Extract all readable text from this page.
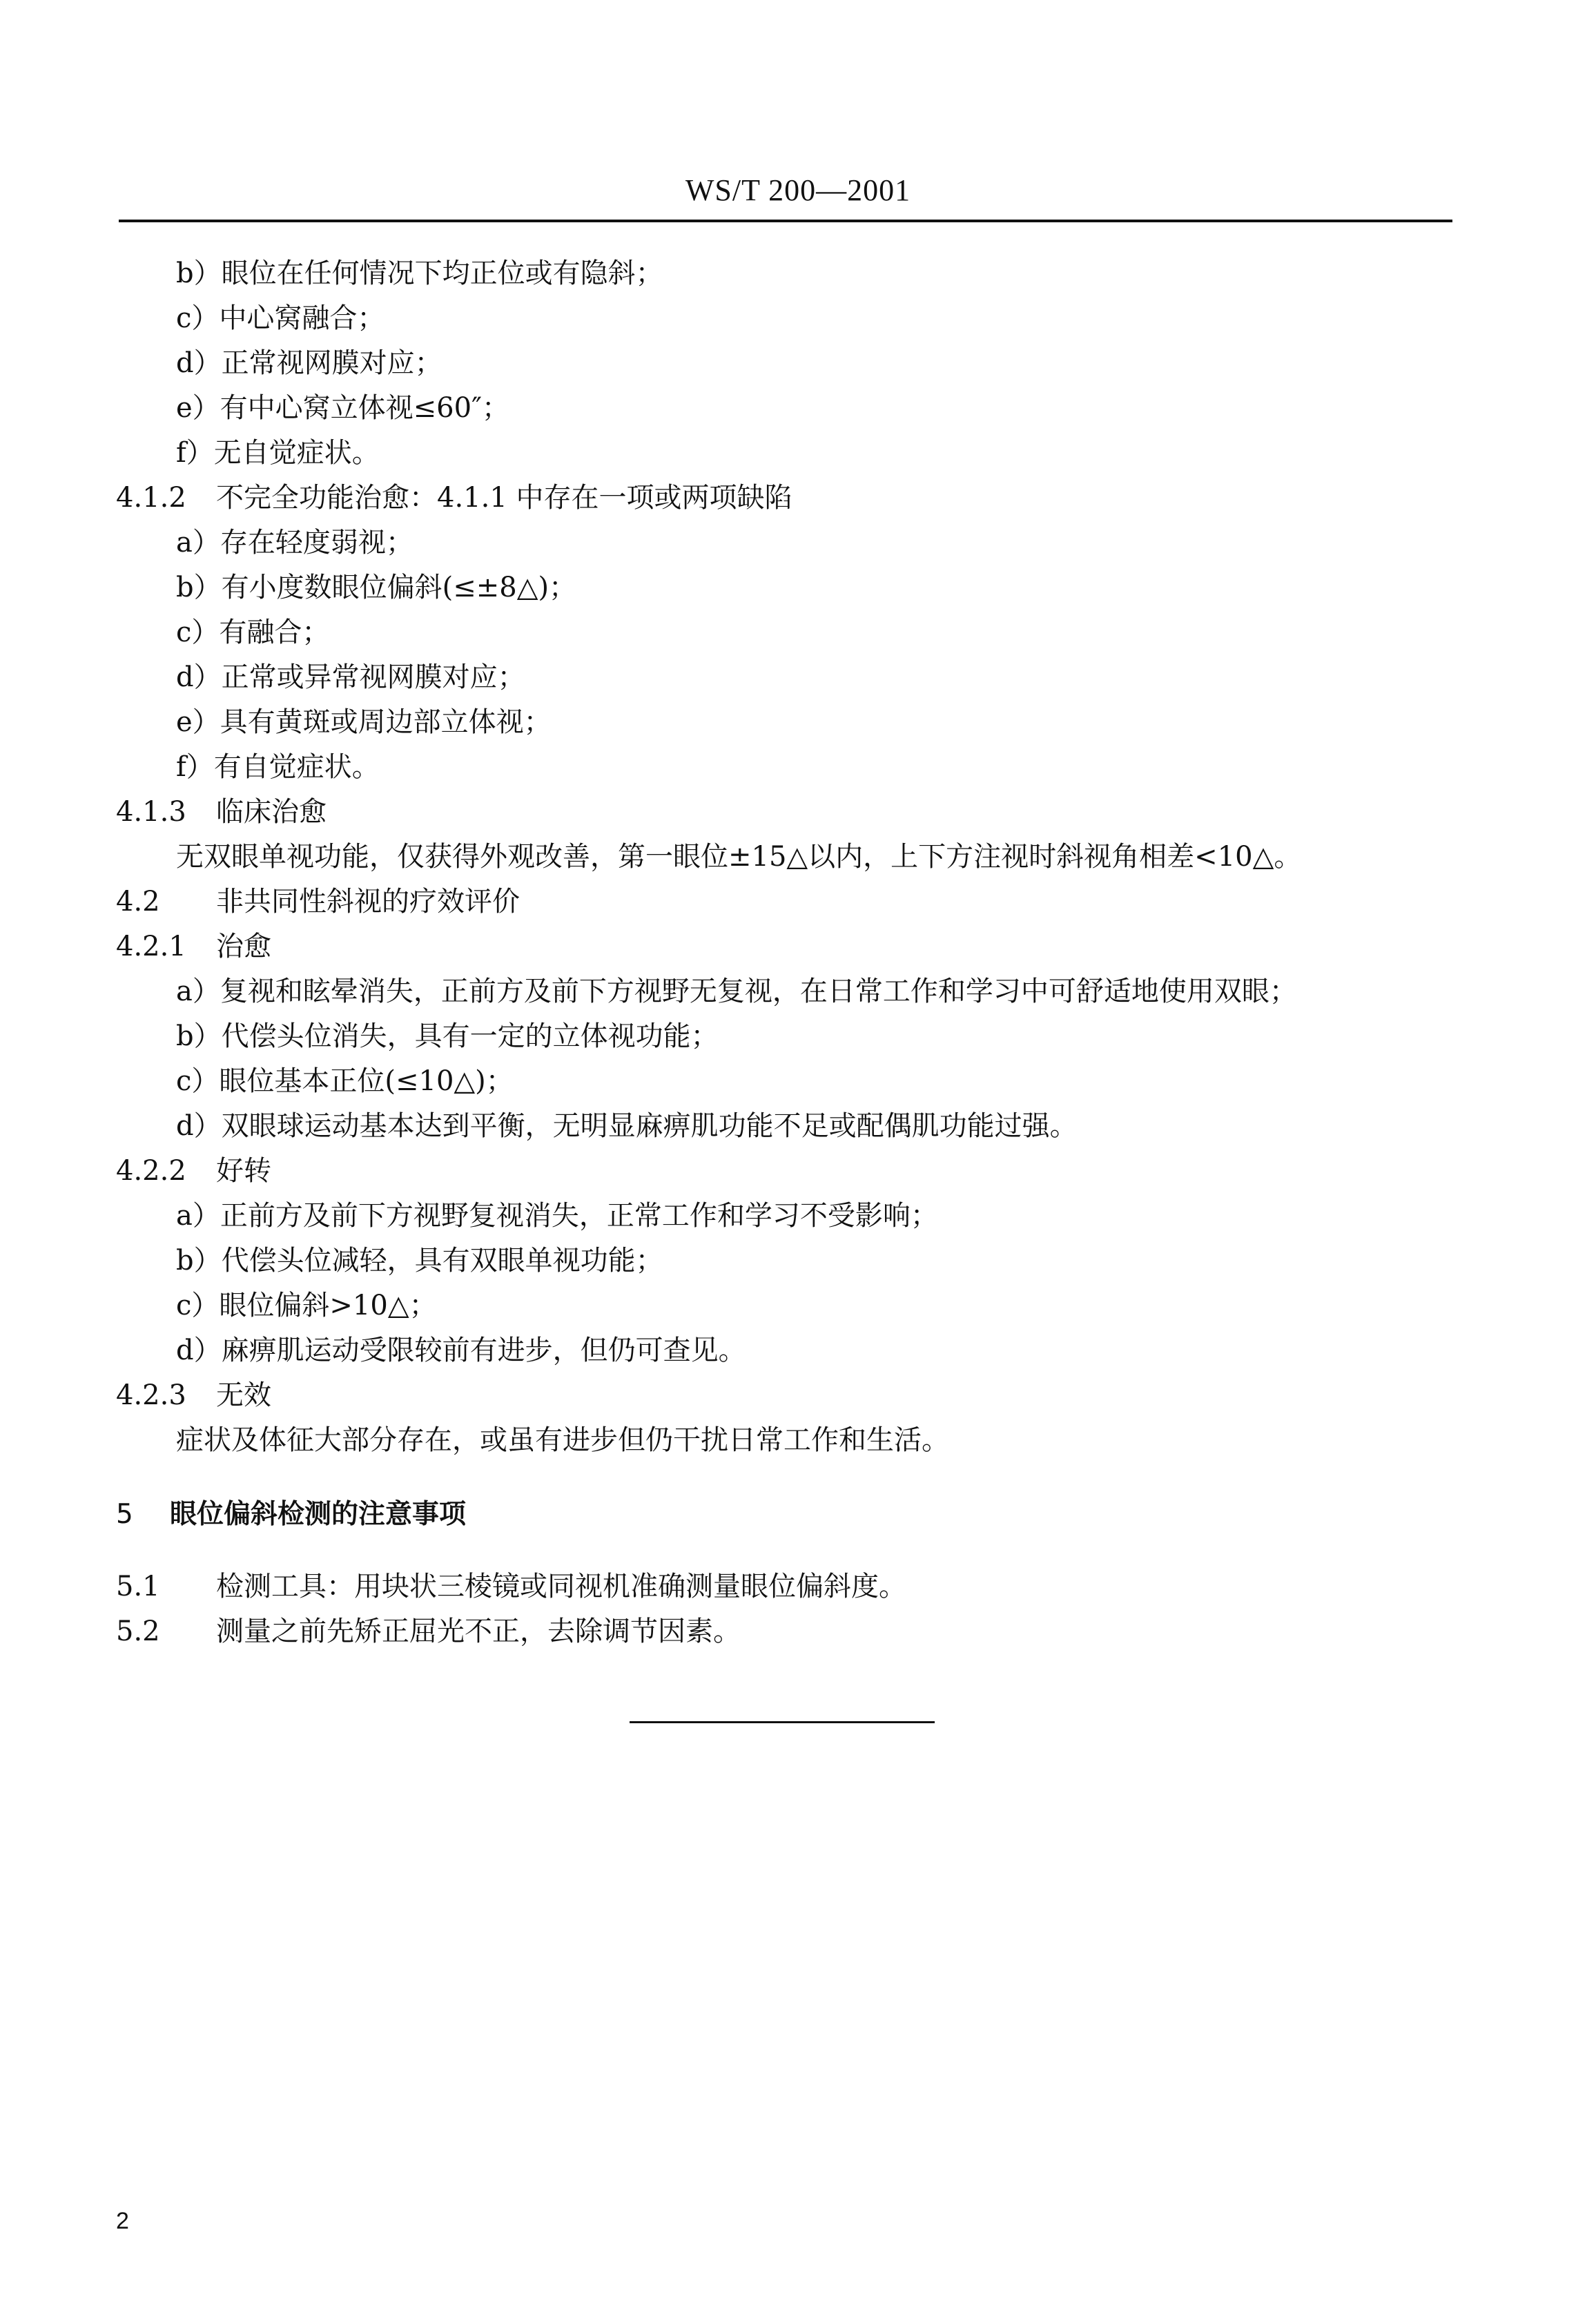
WS/T 200—2001
b）眼位在任何情况下均正位或有隐斜；
c）中心窝融合；
d）正常视网膜对应；
e）有中心窝立体视≤60″；
f）无自觉症状。
4.1.2 不完全功能治愈：4.1.1 中存在一项或两项缺陷
a）存在轻度弱视；
b）有小度数眼位偏斜(≤±8△)；
c）有融合；
d）正常或异常视网膜对应；
e）具有黄斑或周边部立体视；
f）有自觉症状。
4.1.3 临床治愈
无双眼单视功能，仅获得外观改善，第一眼位±15△以内，上下方注视时斜视角相差<10△。
4.2 非共同性斜视的疗效评价
4.2.1 治愈
a）复视和眩晕消失，正前方及前下方视野无复视，在日常工作和学习中可舒适地使用双眼；
b）代偿头位消失，具有一定的立体视功能；
c）眼位基本正位(≤10△)；
d）双眼球运动基本达到平衡，无明显麻痹肌功能不足或配偶肌功能过强。
4.2.2 好转
a）正前方及前下方视野复视消失，正常工作和学习不受影响；
b）代偿头位减轻，具有双眼单视功能；
c）眼位偏斜>10△；
d）麻痹肌运动受限较前有进步，但仍可查见。
4.2.3 无效
症状及体征大部分存在，或虽有进步但仍干扰日常工作和生活。
5 眼位偏斜检测的注意事项
5.1 检测工具：用块状三棱镜或同视机准确测量眼位偏斜度。
5.2 测量之前先矫正屈光不正，去除调节因素。
2
